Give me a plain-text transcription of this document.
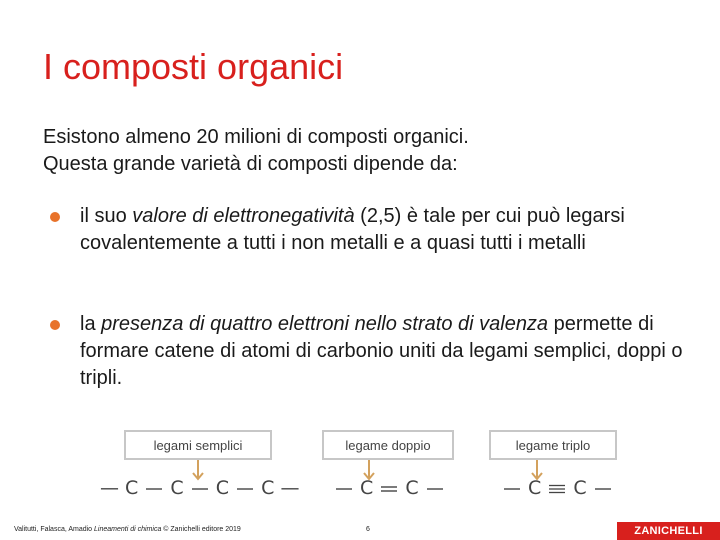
I composti organici
Esistono almeno 20 milioni di composti organici.
Questa grande varietà di composti dipende da:
il suo valore di elettronegatività (2,5) è tale per cui può legarsi covalentemente a tutti i non metalli e a quasi tutti i metalli
la presenza di quattro elettroni nello strato di valenza permette di formare catene di atomi di carbonio uniti da legami semplici, doppi o tripli.
legami semplici
— C C C C —
legame doppio
C C
legame triplo
C C
Valitutti, Falasca, Amadio Lineamenti di chimica © Zanichelli editore 2019	6	ZANICHELLI
